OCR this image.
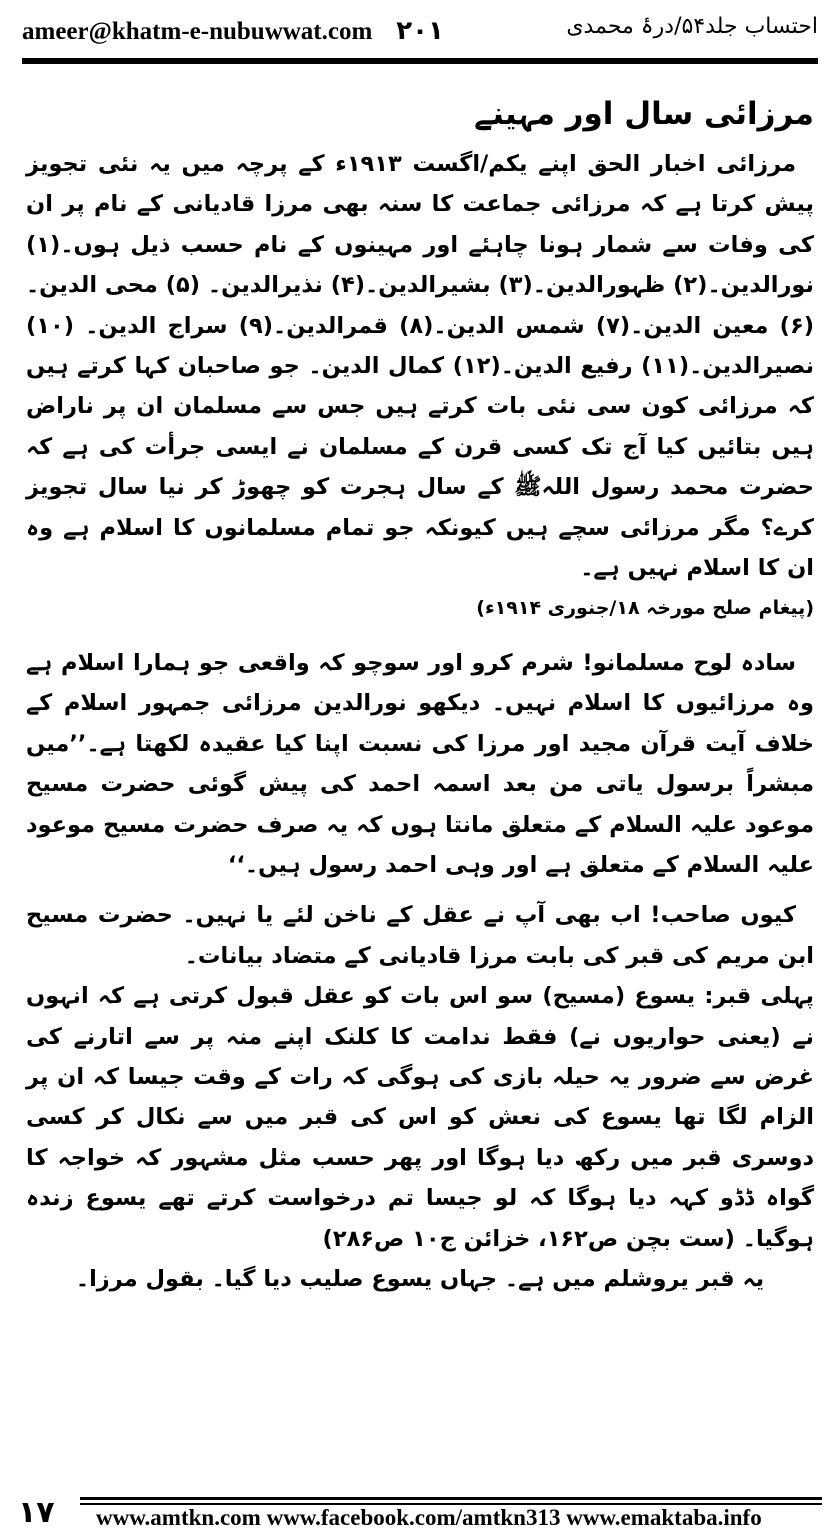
ameer@khatm-e-nubuwwat.com ۲۰۱	احتساب جلد۵۴/درۂ محمدی

مرزائی سال اور مہینے

مرزائی اخبار الحق اپنے یکم/اگست ۱۹۱۳ء کے پرچہ میں یہ نئی تجویز پیش کرتا ہے کہ مرزائی جماعت کا سنہ بھی مرزا قادیانی کے نام پر ان کی وفات سے شمار ہونا چاہئے اور مہینوں کے نام حسب ذیل ہوں۔(۱) نورالدین۔(۲) ظہورالدین۔(۳) بشیرالدین۔(۴) نذیرالدین۔ (۵) محی الدین۔(۶) معین الدین۔(۷) شمس الدین۔(۸) قمرالدین۔(۹) سراج الدین۔ (۱۰) نصیرالدین۔(۱۱) رفیع الدین۔(۱۲) کمال الدین۔ جو صاحبان کہا کرتے ہیں کہ مرزائی کون سی نئی بات کرتے ہیں جس سے مسلمان ان پر ناراض ہیں بتائیں کیا آج تک کسی قرن کے مسلمان نے ایسی جرأت کی ہے کہ حضرت محمد رسول اللہﷺ کے سال ہجرت کو چھوڑ کر نیا سال تجویز کرے؟ مگر مرزائی سچے ہیں کیونکہ جو تمام مسلمانوں کا اسلام ہے وہ ان کا اسلام نہیں ہے۔

(پیغام صلح مورخہ ۱۸/جنوری ۱۹۱۴ء)

سادہ لوح مسلمانو! شرم کرو اور سوچو کہ واقعی جو ہمارا اسلام ہے وہ مرزائیوں کا اسلام نہیں۔ دیکھو نورالدین مرزائی جمہور اسلام کے خلاف آیت قرآن مجید اور مرزا کی نسبت اپنا کیا عقیدہ لکھتا ہے۔’’میں مبشراً برسول یاتی من بعد اسمہ احمد کی پیش گوئی حضرت مسیح موعود علیہ السلام کے متعلق مانتا ہوں کہ یہ صرف حضرت مسیح موعود علیہ السلام کے متعلق ہے اور وہی احمد رسول ہیں۔‘‘

کیوں صاحب! اب بھی آپ نے عقل کے ناخن لئے یا نہیں۔ حضرت مسیح ابن مریم کی قبر کی بابت مرزا قادیانی کے متضاد بیانات۔

پہلی قبر: یسوع (مسیح) سو اس بات کو عقل قبول کرتی ہے کہ انہوں نے (یعنی حواریوں نے) فقط ندامت کا کلنک اپنے منہ پر سے اتارنے کی غرض سے ضرور یہ حیلہ بازی کی ہوگی کہ رات کے وقت جیسا کہ ان پر الزام لگا تھا یسوع کی نعش کو اس کی قبر میں سے نکال کر کسی دوسری قبر میں رکھ دیا ہوگا اور پھر حسب مثل مشہور کہ خواجہ کا گواہ ڈڈو کہہ دیا ہوگا کہ لو جیسا تم درخواست کرتے تھے یسوع زندہ ہوگیا۔ (ست بچن ص۱۶۲، خزائن ج۱۰ ص۲۸۶)

یہ قبر یروشلم میں ہے۔ جہاں یسوع صلیب دیا گیا۔ بقول مرزا۔

۱۷ www.amtkn.com www.facebook.com/amtkn313 www.emaktaba.info
